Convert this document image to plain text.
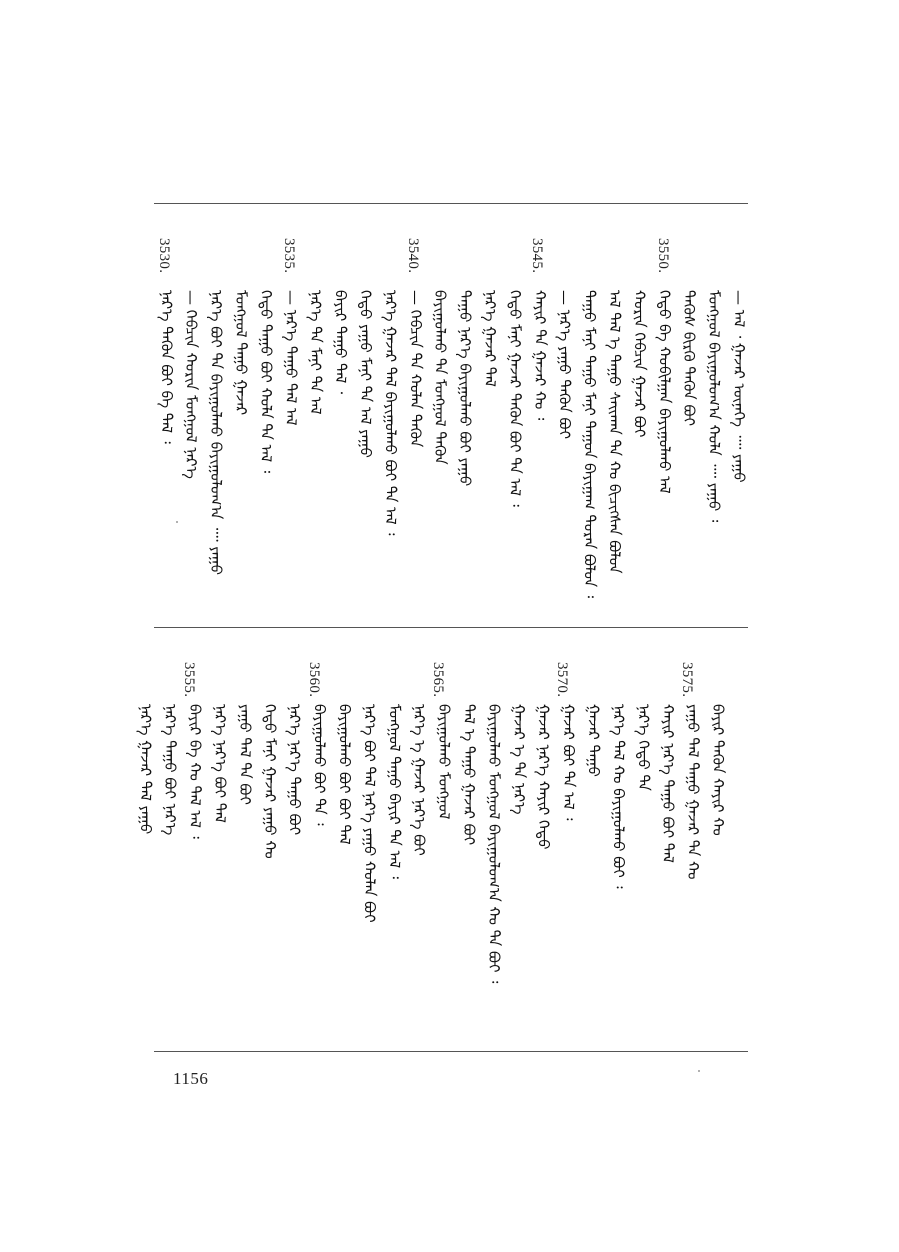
3550.
3545.
3540.
3535.
3530.
— ᠠᠯ ᠂ ᠭᠠᠵᠠᠷ ᠦᠨᠡᠭᠡ ᠁ ᠶᠠᠭᠤ
ᠮᠣᠩᠭᠤᠯ ᠪᠠᠶᠢᠭᠤᠯᠤᠭ᠎ᠠ ᠬᠣᠯᠠ ᠁ ᠶᠠᠭᠤ ᠄
ᠲᠡᠭᠦᠰ ᠪᠢᠷᠬᠦ ᠲᠡᠭᠦᠨ ᠪᠤᠢ
ᠬᠡᠳᠦ ᠪᠠ ᠬᠣᠪᠢᠯᠭᠠᠨ ᠪᠠᠶᠢᠭᠤᠯᠬᠤ ᠠᠯ
ᠬᠣᠷᠢᠨ ᠬᠡᠪᠴᠢᠨ ᠭᠠᠵᠠᠷ ᠪᠤᠢ
ᠠᠯ ᠲᠠᠯ ᠡ ᠳᠠᠭᠤ ᠰᠠᠢᠬᠠᠨ ᠲᠡ ᠬᠣ ᠪᠢᠴᠢᠭᠰᠡᠨ ᠪᠣᠯᠤᠨ
ᠳᠠᠭᠤ ᠮᠠᠨᠢ ᠳᠠᠭᠤ ᠮᠠᠨᠢ ᠳᠠᠭᠤᠨ ᠪᠠᠶᠢᠭᠠᠭ ᠳᠤᠷᠠᠨ ᠪᠣᠯᠤᠨ ᠄
— ᠨᠡᠷ᠎ᠡ ᠶᠠᠭᠤ ᠲᠡᠭᠦᠨ ᠪᠤᠢ
ᠬᠠᠶᠢᠷ ᠲᠡ ᠭᠠᠵᠠᠷ ᠬᠣ ᠄
ᠬᠡᠳᠦ ᠮᠠᠨᠢ ᠭᠠᠵᠠᠷ ᠲᠡᠭᠦᠨ ᠪᠤᠢ ᠲᠡ ᠠᠯ ᠄
ᠨᠡᠷ᠎ᠡ ᠭᠠᠵᠠᠷ ᠲᠠᠯ
ᠳᠠᠭᠤ ᠨᠡᠷ᠎ᠡ ᠪᠠᠶᠢᠭᠤᠯᠬᠤ ᠪᠤᠢ ᠶᠠᠭᠤ
ᠪᠠᠶᠢᠭᠤᠯᠬᠤ ᠲᠡ ᠮᠣᠩᠭᠤᠯ ᠲᠡᠭᠦᠨ
— ᠬᠡᠪᠴᠢᠨ ᠲᠡ ᠬᠣᠯᠠᠨ ᠲᠡᠭᠦᠨ
ᠨᠡᠷ᠎ᠡ ᠭᠠᠵᠠᠷ ᠲᠠᠯ ᠪᠠᠶᠢᠭᠤᠯᠬᠤ ᠪᠤᠢ ᠲᠡ ᠠᠯ ᠄
ᠬᠡᠳᠦ ᠶᠠᠭᠤ ᠮᠠᠨᠢ ᠲᠡ ᠠᠯ ᠶᠠᠭᠤ
ᠪᠠᠶᠢᠷ ᠳᠠᠭᠤ ᠲᠠᠯ ᠂
ᠨᠡᠷ᠎ᠡ ᠲᠡ ᠮᠠᠨᠢ ᠲᠡ ᠠᠯ
— ᠨᠡᠷ᠎ᠡ ᠳᠠᠭᠤ ᠲᠠᠯ ᠠᠯ
ᠬᠡᠳᠦ ᠳᠠᠭᠤ ᠪᠤᠢ ᠬᠣᠯᠠ ᠲᠡ ᠠᠯ ᠄
ᠮᠣᠩᠭᠤᠯ ᠳᠠᠭᠤ ᠭᠠᠵᠠᠷ
ᠨᠡᠷ᠎ᠡ ᠪᠤᠢ ᠲᠡ ᠪᠠᠶᠢᠭᠤᠯᠬᠤ ᠪᠠᠶᠢᠭᠤᠯᠤᠭ᠎ᠠ ᠁ ᠶᠠᠭᠤ
— ᠬᠡᠪᠴᠢᠨ ᠬᠣᠷᠢᠨ ᠮᠣᠩᠭᠤᠯ ᠨᠡᠷ᠎ᠡ
ᠨᠡᠷ᠎ᠡ ᠲᠡᠭᠦᠨ ᠪᠤᠢ ᠪᠠ ᠲᠠᠯ ᠄
3575.
3570.
3565.
3560.
3555.
ᠪᠠᠶᠢᠷ ᠲᠡᠭᠦᠨ ᠬᠠᠶᠢᠷ ᠬᠣ
ᠶᠠᠭᠤ ᠲᠠᠯ ᠳᠠᠭᠤ ᠭᠠᠵᠠᠷ ᠲᠡ ᠬᠣ
ᠬᠠᠶᠢᠷ ᠨᠡᠷ᠎ᠡ ᠳᠠᠭᠤ ᠪᠤᠢ ᠲᠠᠯ
ᠨᠡᠷ᠎ᠡ ᠬᠡᠳᠦ ᠲᠡ
ᠨᠡᠷ᠎ᠡ ᠲᠠᠯ ᠬᠣ ᠪᠠᠶᠢᠭᠤᠯᠬᠤ ᠪᠤᠢ ᠄
ᠭᠠᠵᠠᠷ ᠳᠠᠭᠤ
ᠭᠠᠵᠠᠷ ᠪᠤᠢ ᠲᠡ ᠠᠯ ᠄
ᠭᠠᠵᠠᠷ ᠨᠡᠷ᠎ᠡ ᠬᠠᠶᠢᠷ ᠬᠡᠳᠦ
ᠭᠠᠵᠠᠷ ᠡ ᠲᠡ ᠨᠡᠷ᠎ᠡ
ᠪᠠᠶᠢᠭᠤᠯᠬᠤ ᠮᠣᠩᠭᠤᠯ ᠪᠠᠶᠢᠭᠤᠯᠤᠭ᠎ᠠ ᠬᠣ ᠲᠡ ᠪᠤᠢ ᠄
ᠲᠠᠯ ᠡ ᠳᠠᠭᠤ ᠭᠠᠵᠠᠷ ᠪᠤᠢ
ᠪᠠᠶᠢᠭᠤᠯᠬᠤ ᠮᠣᠩᠭᠤᠯ
ᠨᠡᠷ᠎ᠡ ᠡ ᠭᠠᠵᠠᠷ ᠨᠡᠷ᠎ᠡ ᠪᠤᠢ
ᠮᠣᠩᠭᠤᠯ ᠳᠠᠭᠤ ᠪᠠᠶᠢᠷ ᠲᠡ ᠠᠯ ᠄
ᠨᠡᠷ᠎ᠡ ᠪᠤᠢ ᠲᠠᠯ ᠨᠡᠷ᠎ᠡ ᠶᠠᠭᠤ ᠬᠣᠯᠠᠨ ᠪᠤᠢ
ᠪᠠᠶᠢᠭᠤᠯᠬᠤ ᠪᠤᠢ ᠪᠤᠢ ᠲᠠᠯ
ᠪᠠᠶᠢᠭᠤᠯᠬᠤ ᠪᠤᠢ ᠲᠡ ᠄
ᠨᠡᠷ᠎ᠡ ᠨᠡᠷ᠎ᠡ ᠳᠠᠭᠤ ᠪᠤᠢ
ᠬᠡᠳᠦ ᠮᠠᠨᠢ ᠭᠠᠵᠠᠷ ᠶᠠᠭᠤ ᠬᠣ
ᠶᠠᠭᠤ ᠲᠠᠯ ᠲᠡ ᠪᠤᠢ
ᠨᠡᠷ᠎ᠡ ᠨᠡᠷ᠎ᠡ ᠪᠤᠢ ᠲᠠᠯ
ᠪᠠᠶᠢᠷ ᠪᠠ ᠬᠣ ᠲᠠᠯ ᠠᠯ ᠄
ᠨᠡᠷ᠎ᠡ ᠳᠠᠭᠤ ᠪᠤᠢ ᠨᠡᠷ᠎ᠡ
ᠨᠡᠷ᠎ᠡ ᠭᠠᠵᠠᠷ ᠲᠠᠯ ᠶᠠᠭᠤ
1156
